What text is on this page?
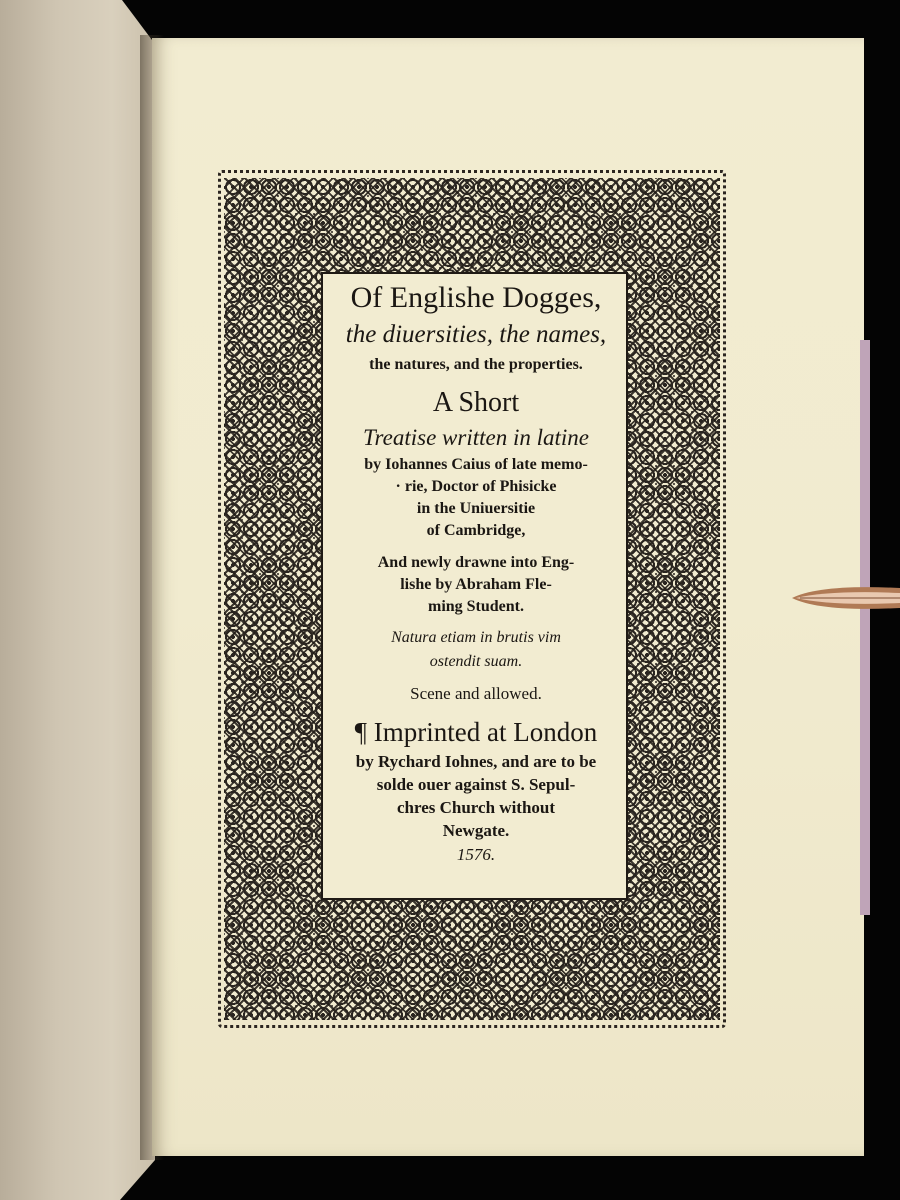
Of Englishe Dogges,
the diuersities, the names,
the natures, and the properties.
A Short
Treatise written in latine
by Iohannes Caius of late memo-
· rie, Doctor of Phisicke
in the Uniuersitie
of Cambridge,
And newly drawne into Eng-
lishe by Abraham Fle-
ming Student.
Natura etiam in brutis vim
ostendit suam.
Scene and allowed.
¶ Imprinted at London
by Rychard Iohnes, and are to be
solde ouer against S. Sepul-
chres Church without
Newgate.
1576.
